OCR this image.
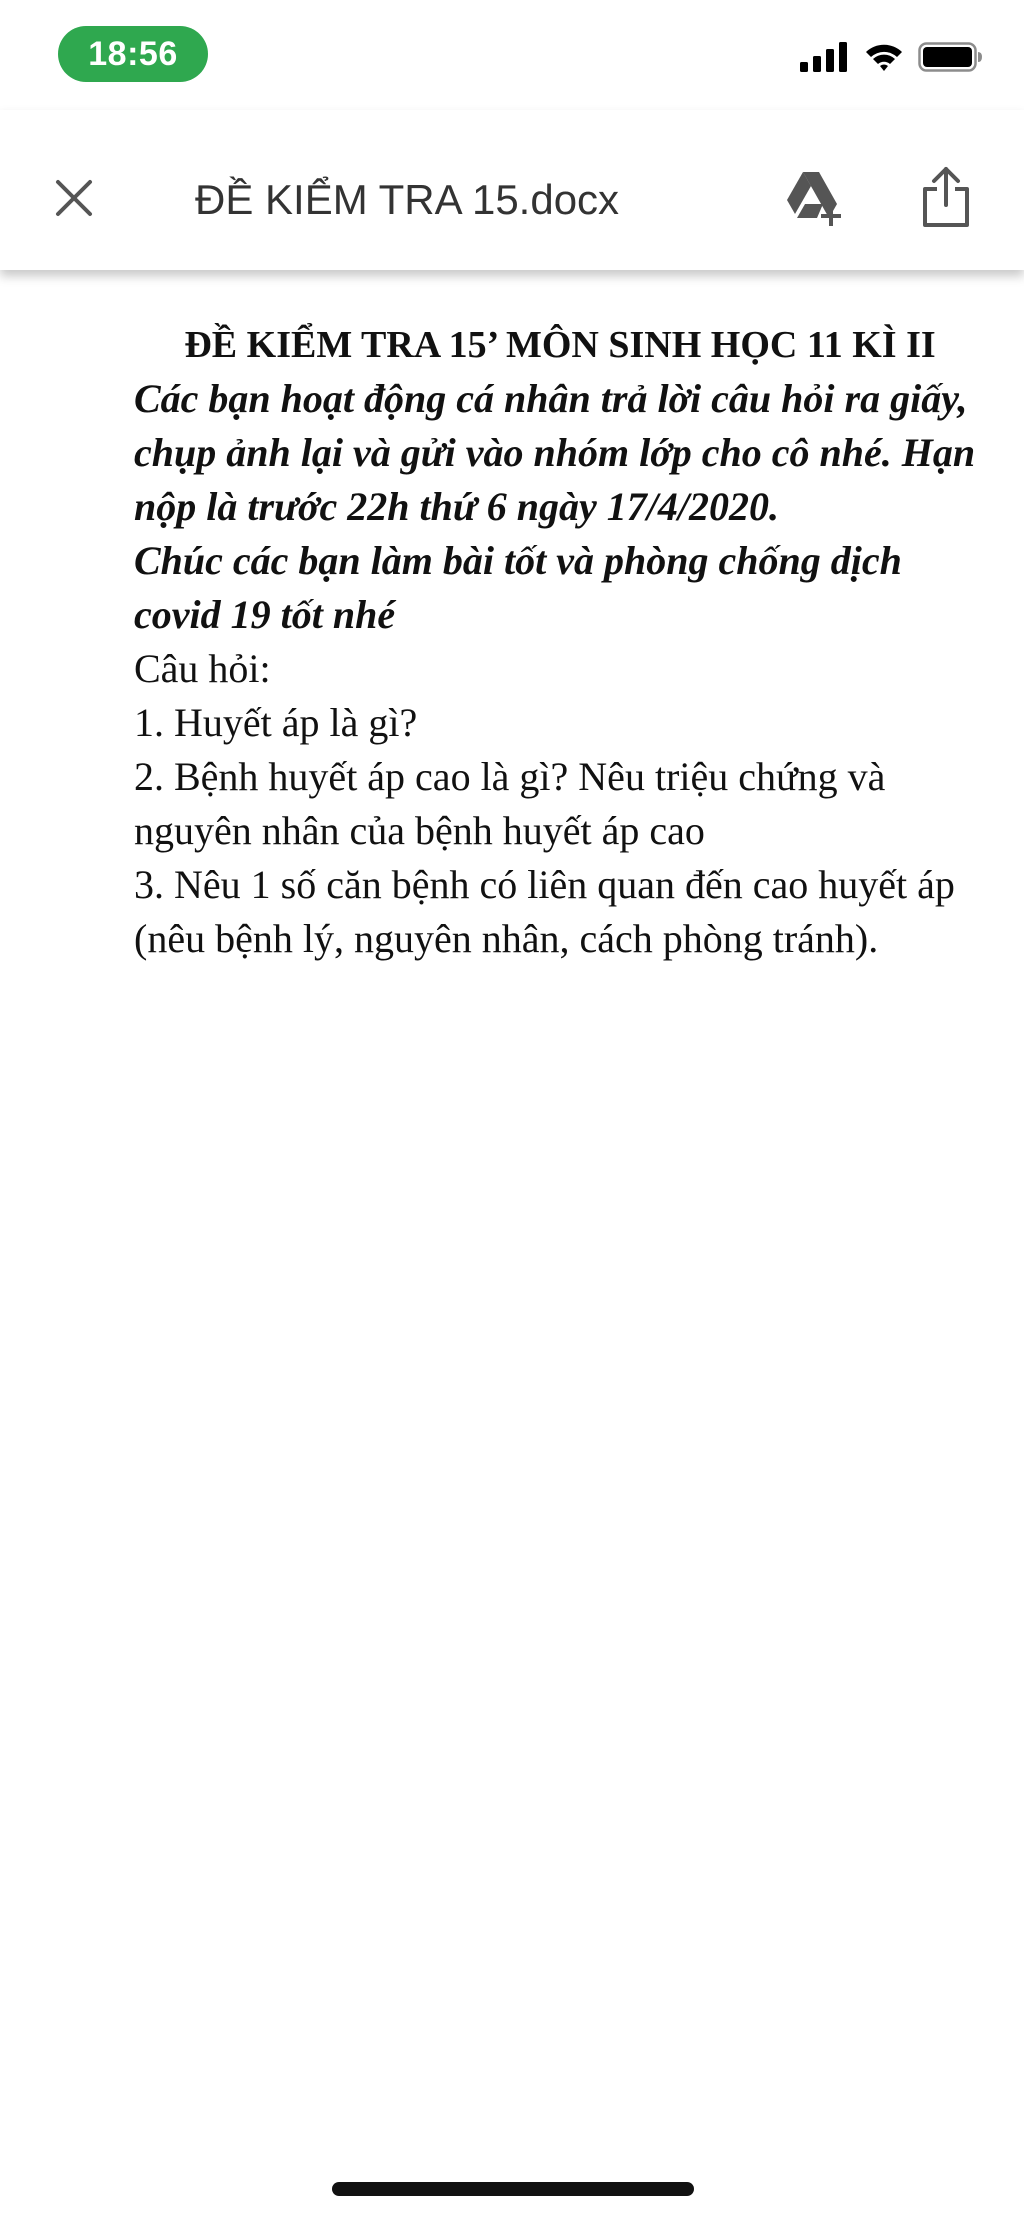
18:56
ĐỀ KIỂM TRA 15.docx

ĐỀ KIỂM TRA 15’ MÔN SINH HỌC 11 KÌ II

Các bạn hoạt động cá nhân trả lời câu hỏi ra giấy, chụp ảnh lại và gửi vào nhóm lớp cho cô nhé. Hạn nộp là trước 22h thứ 6 ngày 17/4/2020.

Chúc các bạn làm bài tốt và phòng chống dịch covid 19 tốt nhé

Câu hỏi:

1. Huyết áp là gì?

2. Bệnh huyết áp cao là gì? Nêu triệu chứng và nguyên nhân của bệnh huyết áp cao

3. Nêu 1 số căn bệnh có liên quan đến cao huyết áp (nêu bệnh lý, nguyên nhân, cách phòng tránh).
